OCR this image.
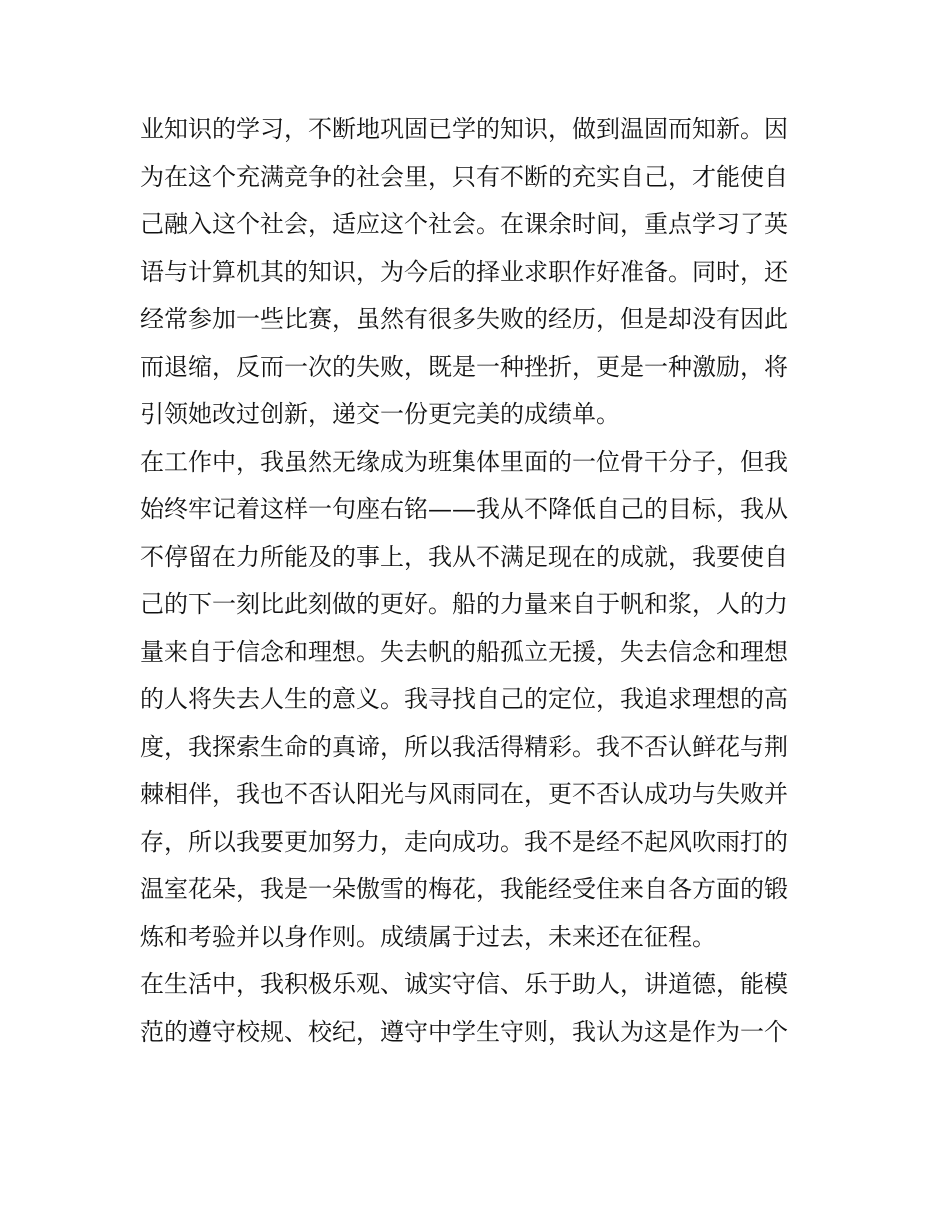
业知识的学习，不断地巩固已学的知识，做到温固而知新。因
为在这个充满竞争的社会里，只有不断的充实自己，才能使自
己融入这个社会，适应这个社会。在课余时间，重点学习了英
语与计算机其的知识，为今后的择业求职作好准备。同时，还
经常参加一些比赛，虽然有很多失败的经历，但是却没有因此
而退缩，反而一次的失败，既是一种挫折，更是一种激励，将
引领她改过创新，递交一份更完美的成绩单。
在工作中，我虽然无缘成为班集体里面的一位骨干分子，但我
始终牢记着这样一句座右铭——我从不降低自己的目标，我从
不停留在力所能及的事上，我从不满足现在的成就，我要使自
己的下一刻比此刻做的更好。船的力量来自于帆和浆，人的力
量来自于信念和理想。失去帆的船孤立无援，失去信念和理想
的人将失去人生的意义。我寻找自己的定位，我追求理想的高
度，我探索生命的真谛，所以我活得精彩。我不否认鲜花与荆
棘相伴，我也不否认阳光与风雨同在，更不否认成功与失败并
存，所以我要更加努力，走向成功。我不是经不起风吹雨打的
温室花朵，我是一朵傲雪的梅花，我能经受住来自各方面的锻
炼和考验并以身作则。成绩属于过去，未来还在征程。
在生活中，我积极乐观、诚实守信、乐于助人，讲道德，能模
范的遵守校规、校纪，遵守中学生守则，我认为这是作为一个
